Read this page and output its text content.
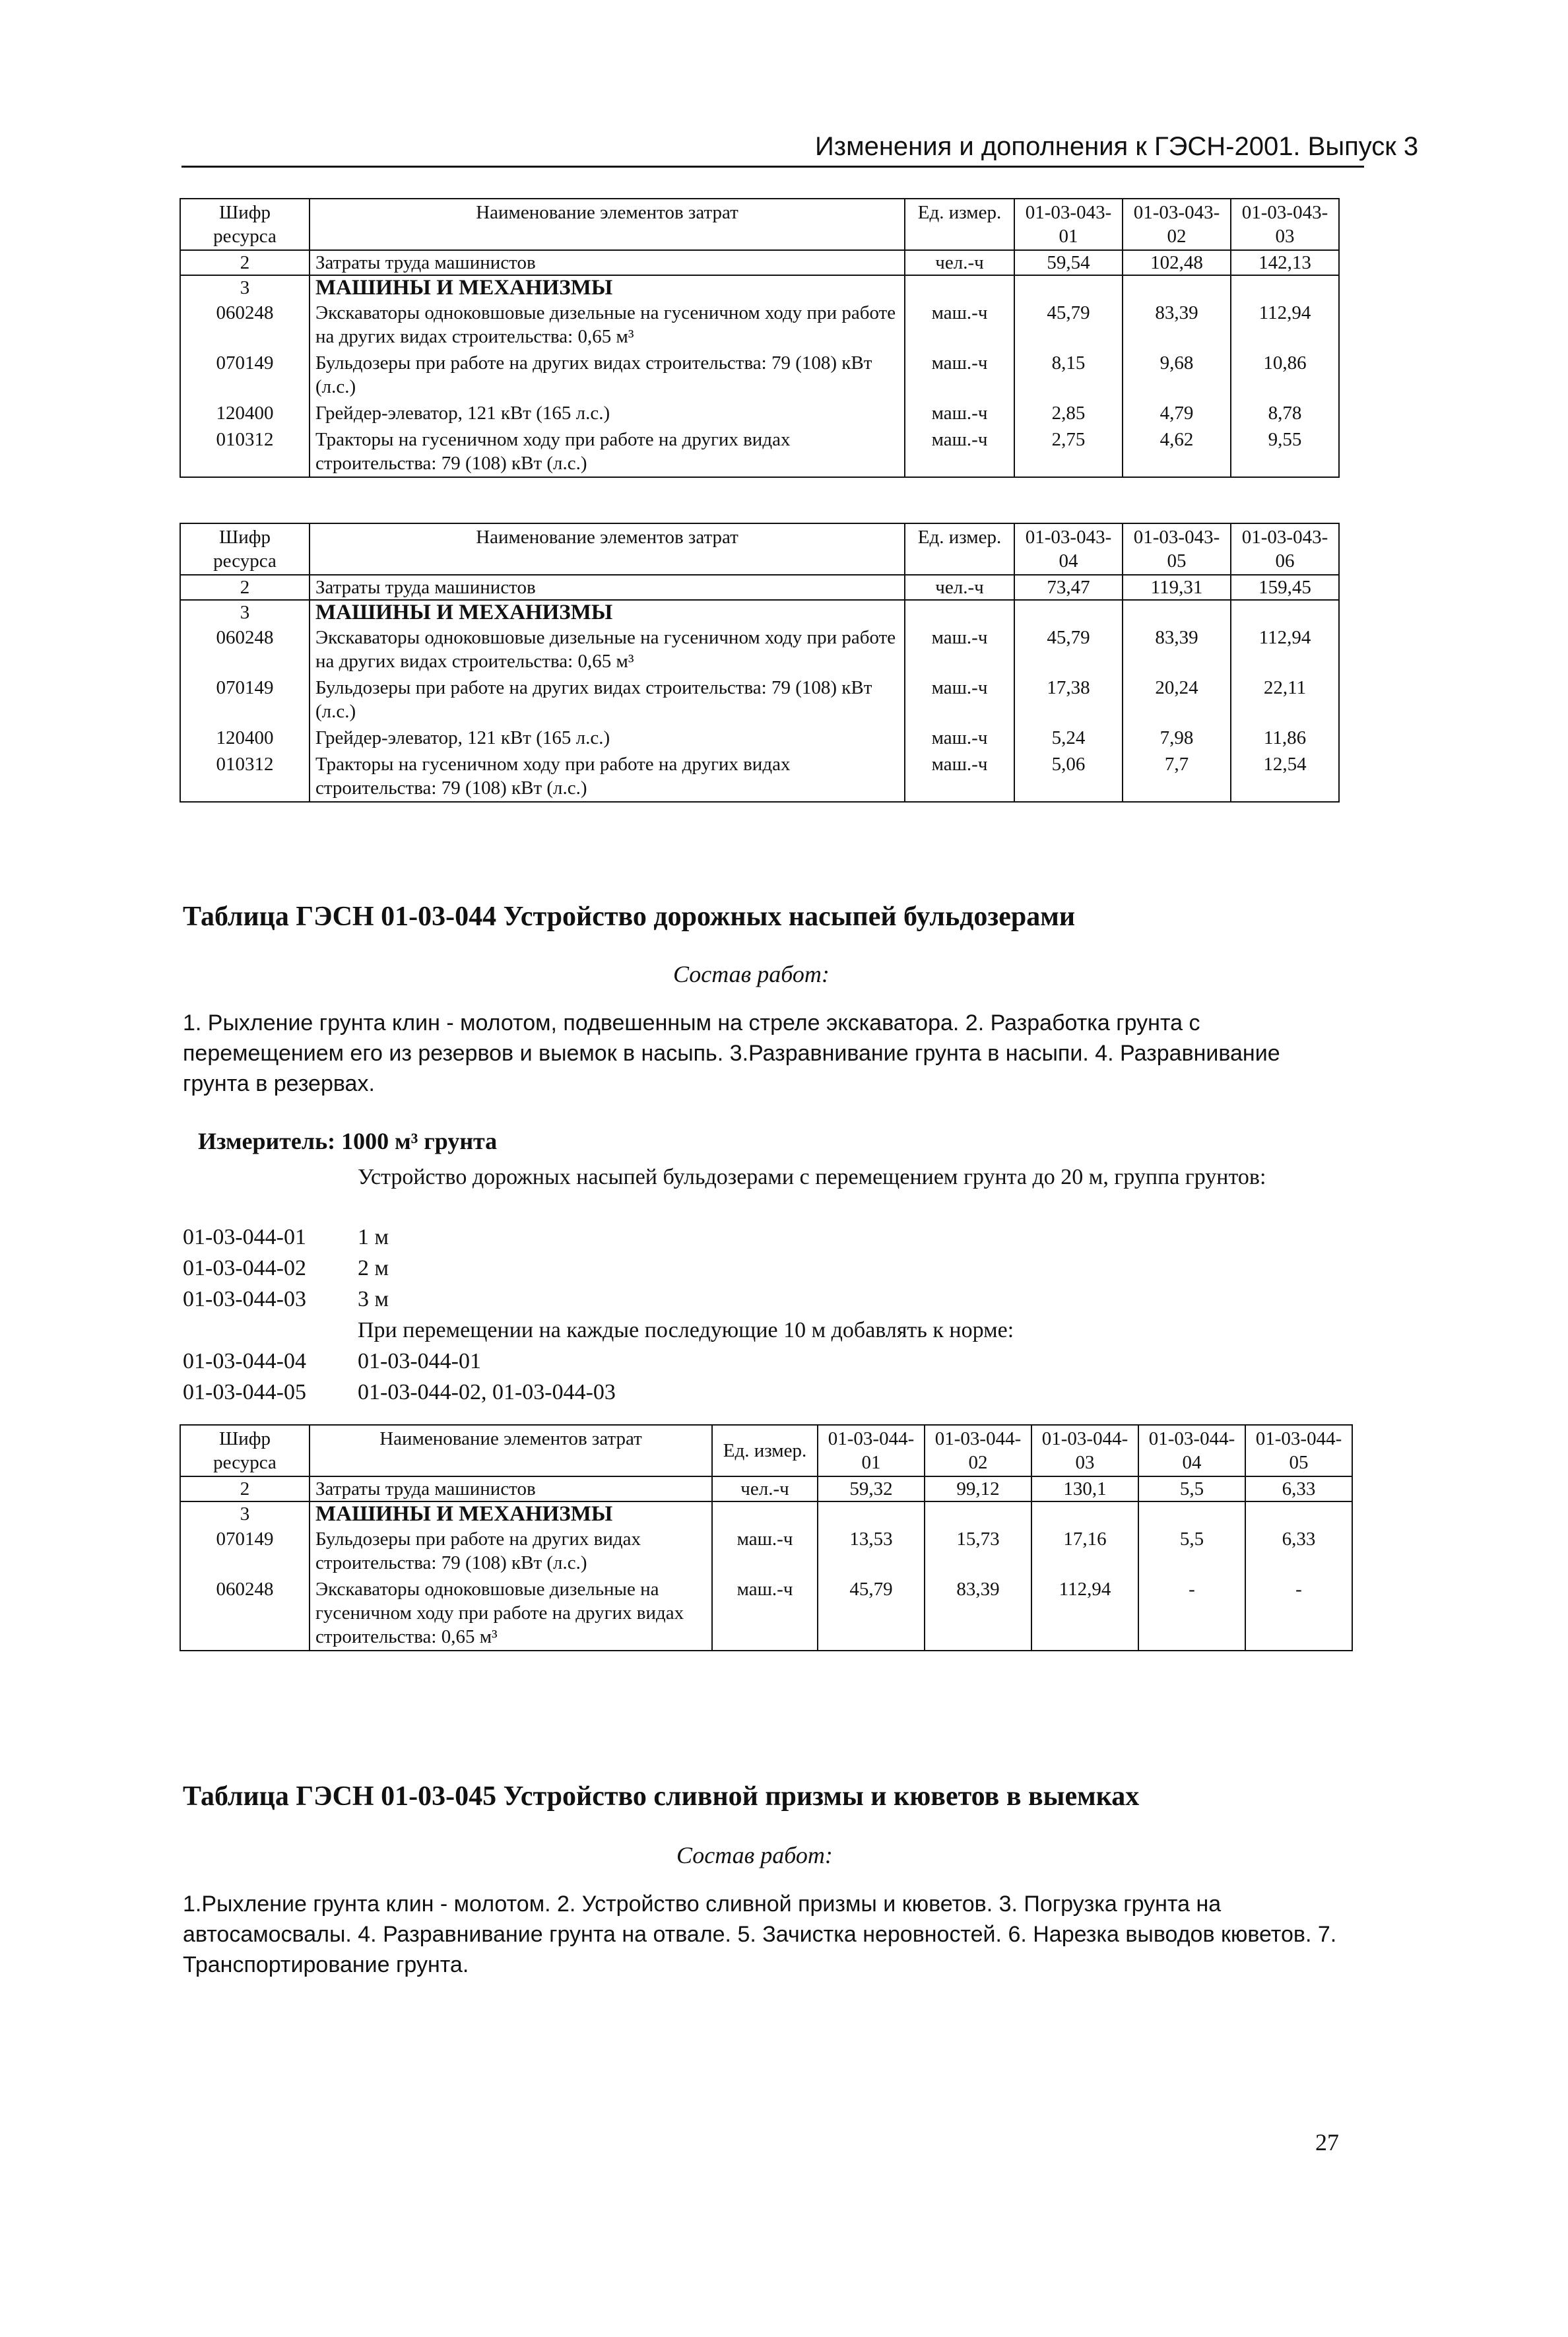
Изменения и дополнения к ГЭСН-2001. Выпуск 3
Шифр ресурса	Наименование элементов затрат	Ед. измер.	01-03-043-01	01-03-043-02	01-03-043-03
2	Затраты труда машинистов	чел.-ч	59,54	102,48	142,13
3	МАШИНЫ И МЕХАНИЗМЫ				
060248	Экскаваторы одноковшовые дизельные на гусеничном ходу при работе на других видах строительства: 0,65 м³	маш.-ч	45,79	83,39	112,94
070149	Бульдозеры при работе на других видах строительства: 79 (108) кВт (л.с.)	маш.-ч	8,15	9,68	10,86
120400	Грейдер-элеватор, 121 кВт (165 л.с.)	маш.-ч	2,85	4,79	8,78
010312	Тракторы на гусеничном ходу при работе на других видах строительства: 79 (108) кВт (л.с.)	маш.-ч	2,75	4,62	9,55
Шифр ресурса	Наименование элементов затрат	Ед. измер.	01-03-043-04	01-03-043-05	01-03-043-06
2	Затраты труда машинистов	чел.-ч	73,47	119,31	159,45
3	МАШИНЫ И МЕХАНИЗМЫ				
060248	Экскаваторы одноковшовые дизельные на гусеничном ходу при работе на других видах строительства: 0,65 м³	маш.-ч	45,79	83,39	112,94
070149	Бульдозеры при работе на других видах строительства: 79 (108) кВт (л.с.)	маш.-ч	17,38	20,24	22,11
120400	Грейдер-элеватор, 121 кВт (165 л.с.)	маш.-ч	5,24	7,98	11,86
010312	Тракторы на гусеничном ходу при работе на других видах строительства: 79 (108) кВт (л.с.)	маш.-ч	5,06	7,7	12,54
Таблица ГЭСН 01-03-044 Устройство дорожных насыпей бульдозерами
Состав работ:
1. Рыхление грунта клин - молотом, подвешенным на стреле экскаватора. 2. Разработка грунта с перемещением его из резервов и выемок в насыпь. 3.Разравнивание грунта в насыпи. 4. Разравнивание грунта в резервах.
Измеритель: 1000 м³ грунта
Устройство дорожных насыпей бульдозерами с перемещением грунта до 20 м, группа грунтов:
01-03-044-01 1 м
01-03-044-02 2 м
01-03-044-03 3 м
При перемещении на каждые последующие 10 м добавлять к норме:
01-03-044-04 01-03-044-01
01-03-044-05 01-03-044-02, 01-03-044-03
Шифр ресурса	Наименование элементов затрат	Ед. измер.	01-03-044-01	01-03-044-02	01-03-044-03	01-03-044-04	01-03-044-05
2	Затраты труда машинистов	чел.-ч	59,32	99,12	130,1	5,5	6,33
3	МАШИНЫ И МЕХАНИЗМЫ						
070149	Бульдозеры при работе на других видах строительства: 79 (108) кВт (л.с.)	маш.-ч	13,53	15,73	17,16	5,5	6,33
060248	Экскаваторы одноковшовые дизельные на гусеничном ходу при работе на других видах строительства: 0,65 м³	маш.-ч	45,79	83,39	112,94	-	-
Таблица ГЭСН 01-03-045 Устройство сливной призмы и кюветов в выемках
Состав работ:
1.Рыхление грунта клин - молотом. 2. Устройство сливной призмы и кюветов. 3. Погрузка грунта на автосамосвалы. 4. Разравнивание грунта на отвале. 5. Зачистка неровностей. 6. Нарезка выводов кюветов. 7. Транспортирование грунта.
27
